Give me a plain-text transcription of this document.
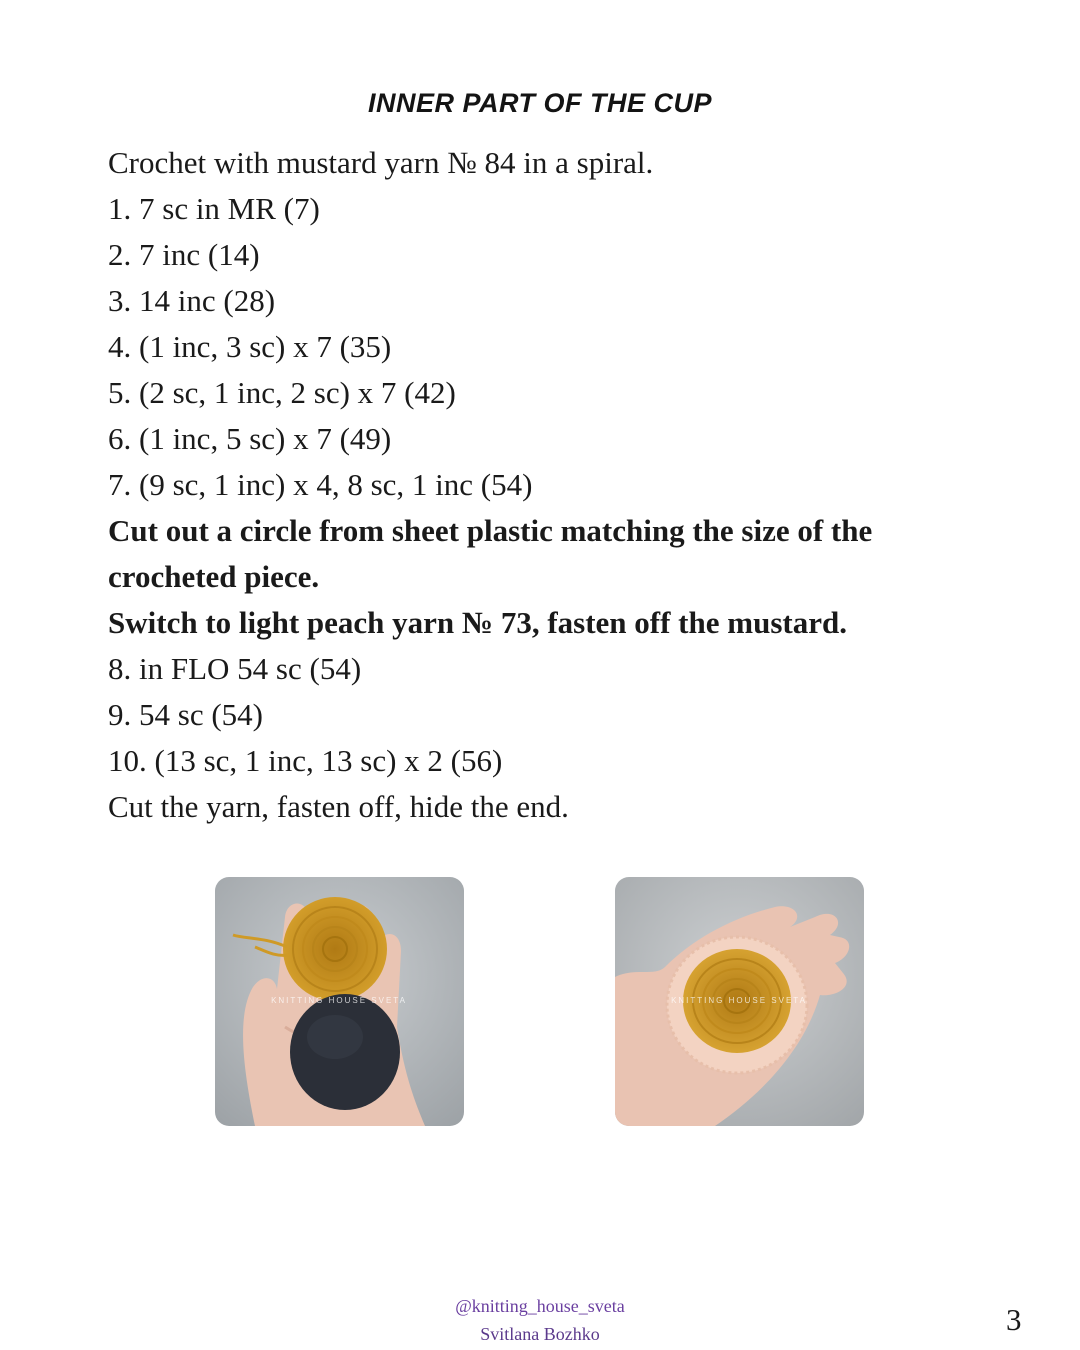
INNER PART OF THE CUP
Crochet with mustard yarn № 84 in a spiral.
1. 7 sc in MR (7)
2. 7 inc (14)
3. 14 inc (28)
4. (1 inc, 3 sc) x 7 (35)
5. (2 sc, 1 inc, 2 sc) x 7 (42)
6. (1 inc, 5 sc) x 7 (49)
7. (9 sc, 1 inc) x 4, 8 sc, 1 inc (54)
Cut out a circle from sheet plastic matching the size of the crocheted piece.
Switch to light peach yarn № 73, fasten off the mustard.
8. in FLO 54 sc (54)
9. 54 sc (54)
10. (13 sc, 1 inc, 13 sc) x 2 (56)
Cut the yarn, fasten off, hide the end.
KNITTING HOUSE SVETA	KNITTING HOUSE SVETA
@knitting_house_sveta
Svitlana Bozhko	3
